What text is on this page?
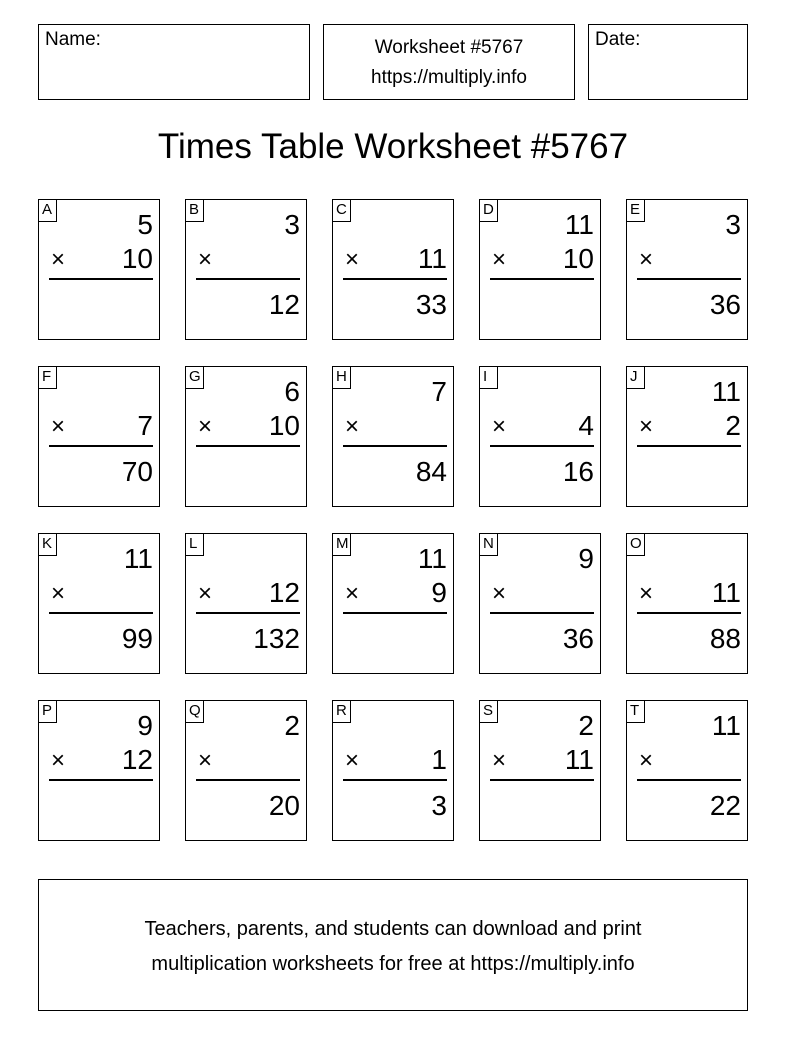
Name:	Worksheet #5767
https://multiply.info
Date:
Times Table Worksheet #5767
A	5
× 10
B	3
×
12
C
× 11
33
D	11
× 10
E	3
×
36
F
×	7
70
G	6
× 10
H	7
×
84
I
×	4
16
J	11
×	2
K	11
×
99
L
× 12
132
M 11
×	9
N	9
×
36
O
× 11
88
P	9
× 12
Q	2
×
20
R
×	1
3
S	2
× 11
T	11
×
22
Teachers, parents, and students can download and print
multiplication worksheets for free at https://multiply.info
